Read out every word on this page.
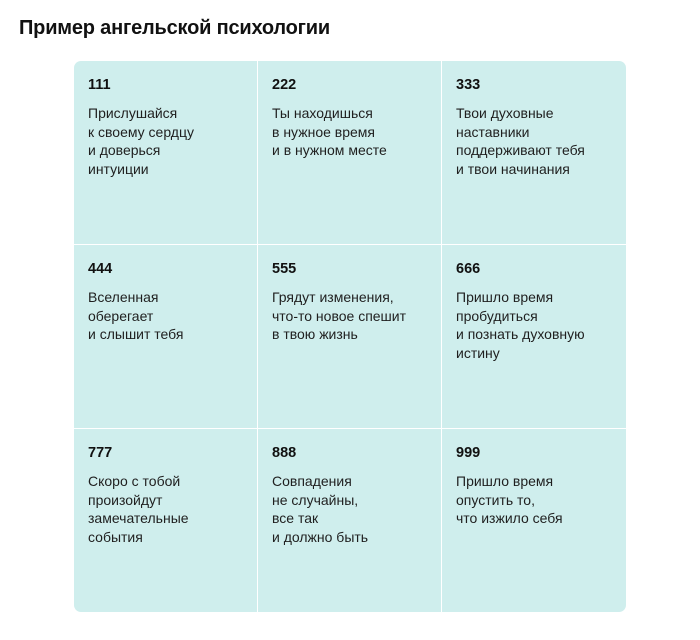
Пример ангельской психологии
111
Прислушайся
к своему сердцу
и доверься
интуиции
222
Ты находишься
в нужное время
и в нужном месте
333
Твои духовные
наставники
поддерживают тебя
и твои начинания
444
Вселенная
оберегает
и слышит тебя
555
Грядут изменения,
что-то новое спешит
в твою жизнь
666
Пришло время
пробудиться
и познать духовную
истину
777
Скоро с тобой
произойдут
замечательные
события
888
Совпадения
не случайны,
все так
и должно быть
999
Пришло время
опустить то,
что изжило себя
